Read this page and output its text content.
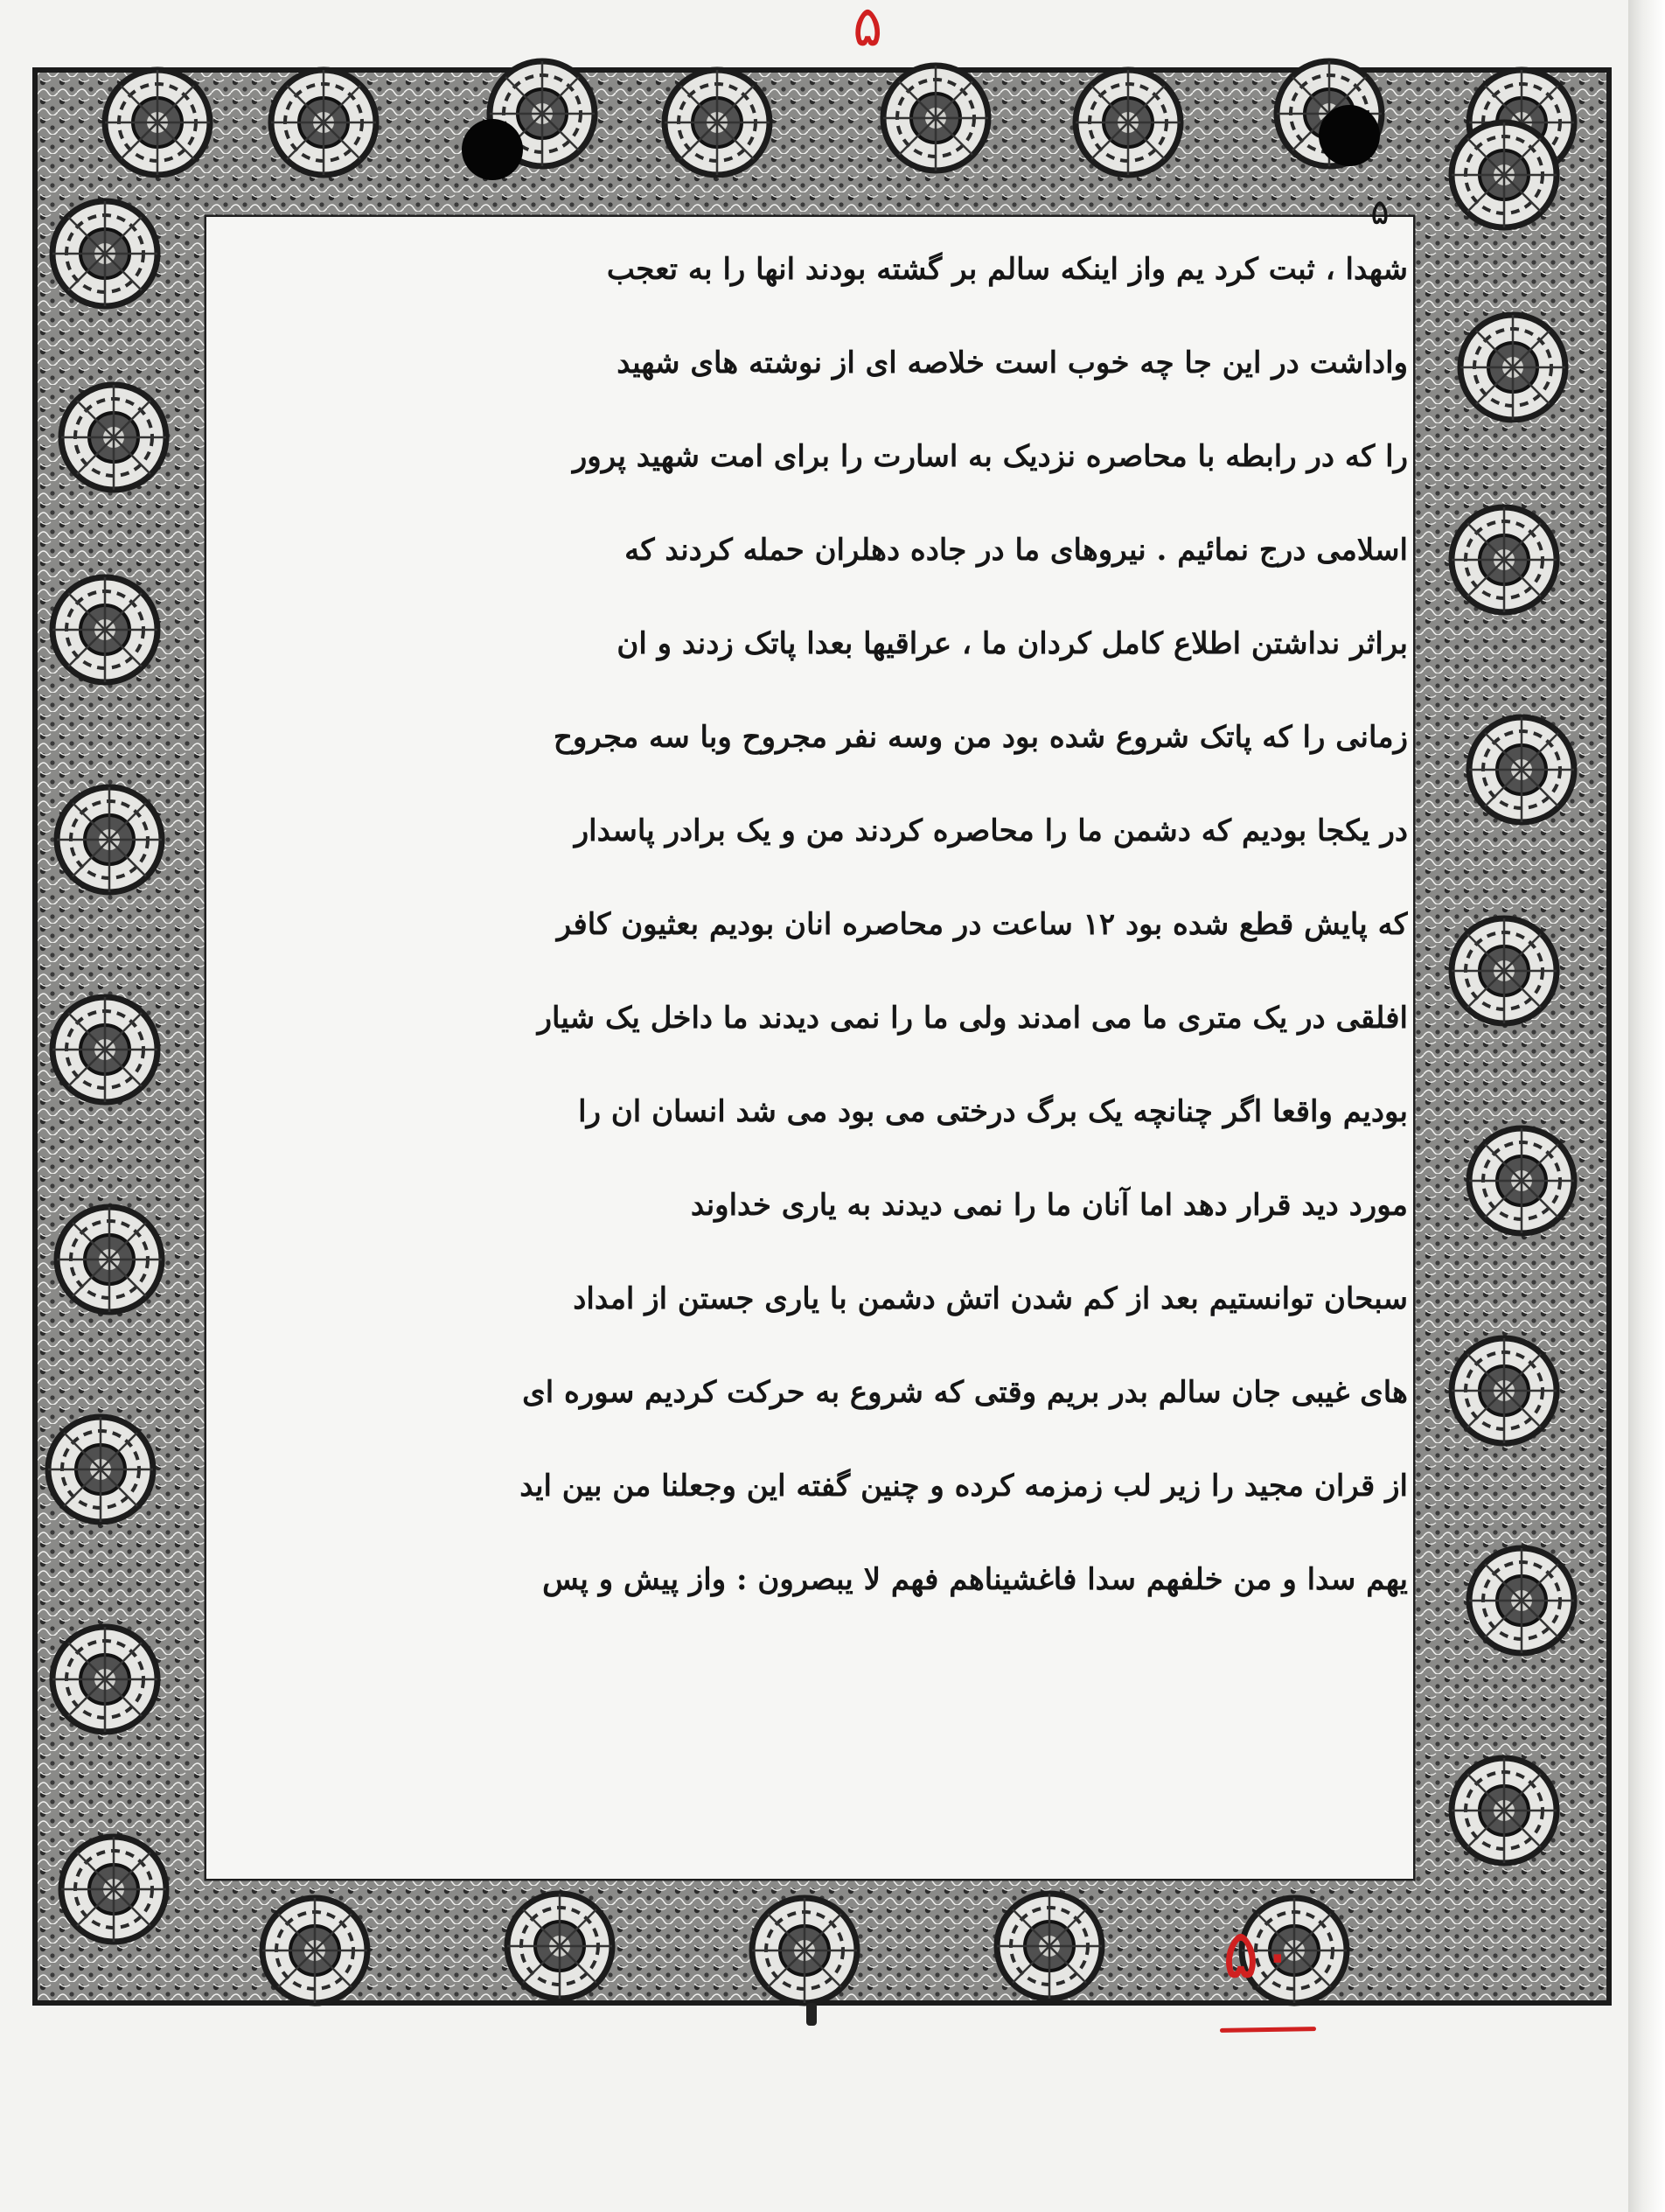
۵
شهدا ، ثبت کرد یم واز اینکه سالم بر گشته بودند انها را به تعجب
واداشت در این جا چه خوب است خلاصه ای از نوشته های شهید
را که در رابطه با محاصره نزدیک به اسارت را برای امت شهید پرور
اسلامی درج نمائیم . نیروهای ما در جاده دهلران حمله کردند که
براثر نداشتن اطلاع کامل کردان ما ، عراقیها بعدا پاتک زدند و ان
زمانی را که پاتک شروع شده بود من وسه نفر مجروح وبا سه مجروح
در یکجا بودیم که دشمن ما را محاصره کردند من و یک برادر پاسدار
که پایش قطع شده بود ۱۲ ساعت در محاصره انان بودیم بعثیون کافر
افلقی در یک متری ما می امدند ولی ما را نمی دیدند ما داخل یک شیار
بودیم واقعا اگر چنانچه یک برگ درختی می بود می شد انسان ان را
مورد دید قرار دهد اما آنان ما را نمی دیدند به یاری خداوند
سبحان توانستیم بعد از کم شدن اتش دشمن با یاری جستن از امداد
های غیبی جان سالم بدر بریم وقتی که شروع به حرکت کردیم سوره ای
از قران مجید را زیر لب زمزمه کرده و چنین گفته این وجعلنا من بین اید
یهم سدا و من خلفهم سدا فاغشیناهم فهم لا یبصرون : واز پیش و پس
۵
۵۰
